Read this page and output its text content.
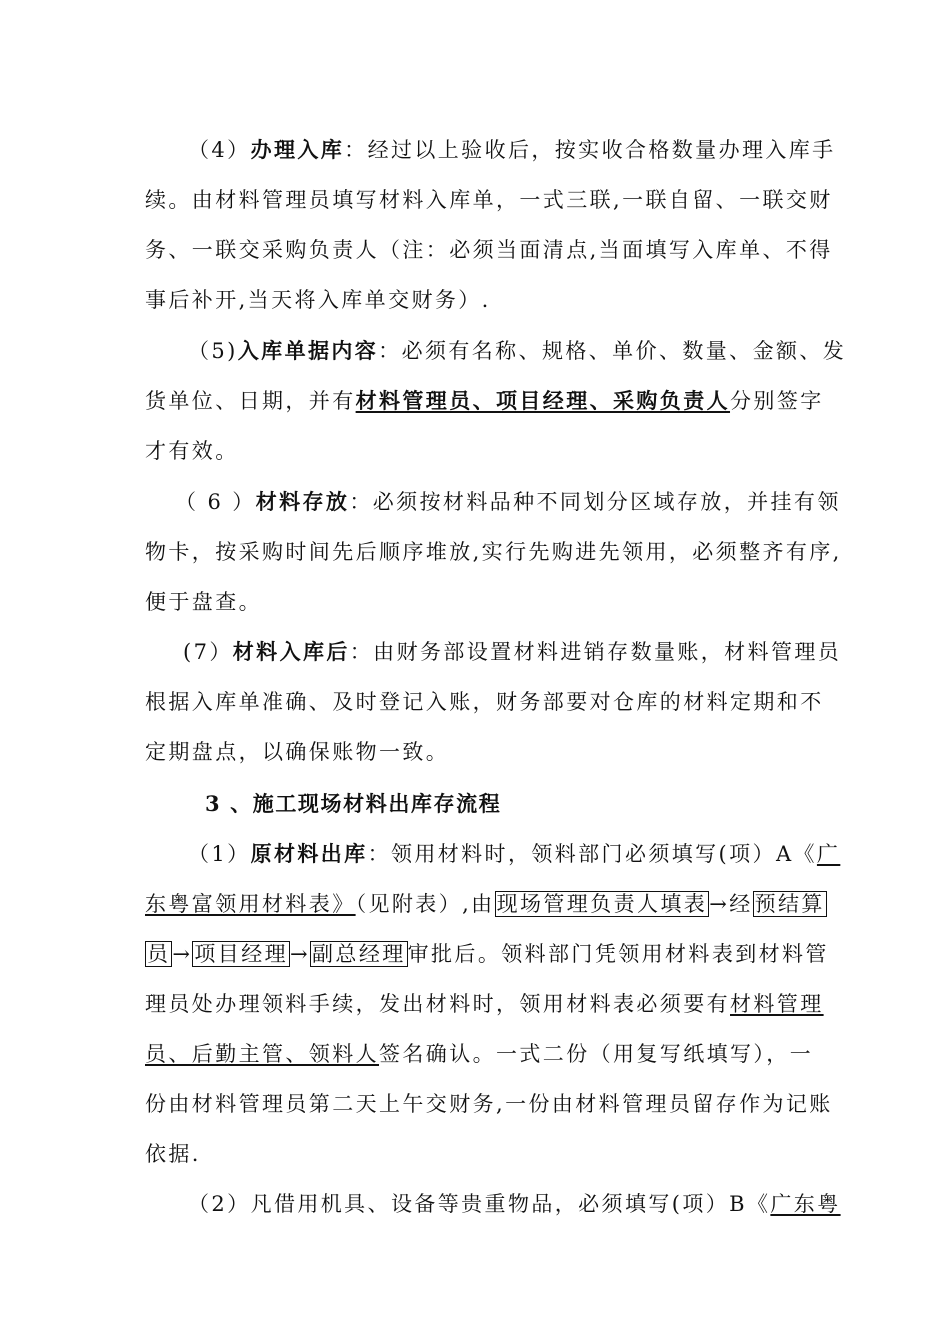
（4）办理入库：经过以上验收后，按实收合格数量办理入库手
续。由材料管理员填写材料入库单，一式三联,一联自留、一联交财
务、一联交采购负责人（注：必须当面清点,当面填写入库单、不得
事后补开,当天将入库单交财务）.
（5)入库单据内容：必须有名称、规格、单价、数量、金额、发
货单位、日期，并有材料管理员、项目经理、采购负责人分别签字
才有效。
（ 6 ）材料存放：必须按材料品种不同划分区域存放，并挂有领
物卡，按采购时间先后顺序堆放,实行先购进先领用，必须整齐有序,
便于盘查。
(7）材料入库后：由财务部设置材料进销存数量账，材料管理员
根据入库单准确、及时登记入账，财务部要对仓库的材料定期和不
定期盘点，以确保账物一致。
3 、施工现场材料出库存流程
（1）原材料出库：领用材料时，领料部门必须填写(项）A《广
东粤富领用材料表》（见附表）,由现场管理负责人填表→经预结算
员→项目经理→副总经理审批后。领料部门凭领用材料表到材料管
理员处办理领料手续，发出材料时，领用材料表必须要有材料管理
员、后勤主管、领料人签名确认。一式二份（用复写纸填写），一
份由材料管理员第二天上午交财务,一份由材料管理员留存作为记账
依据.
（2）凡借用机具、设备等贵重物品，必须填写(项）B《广东粤
